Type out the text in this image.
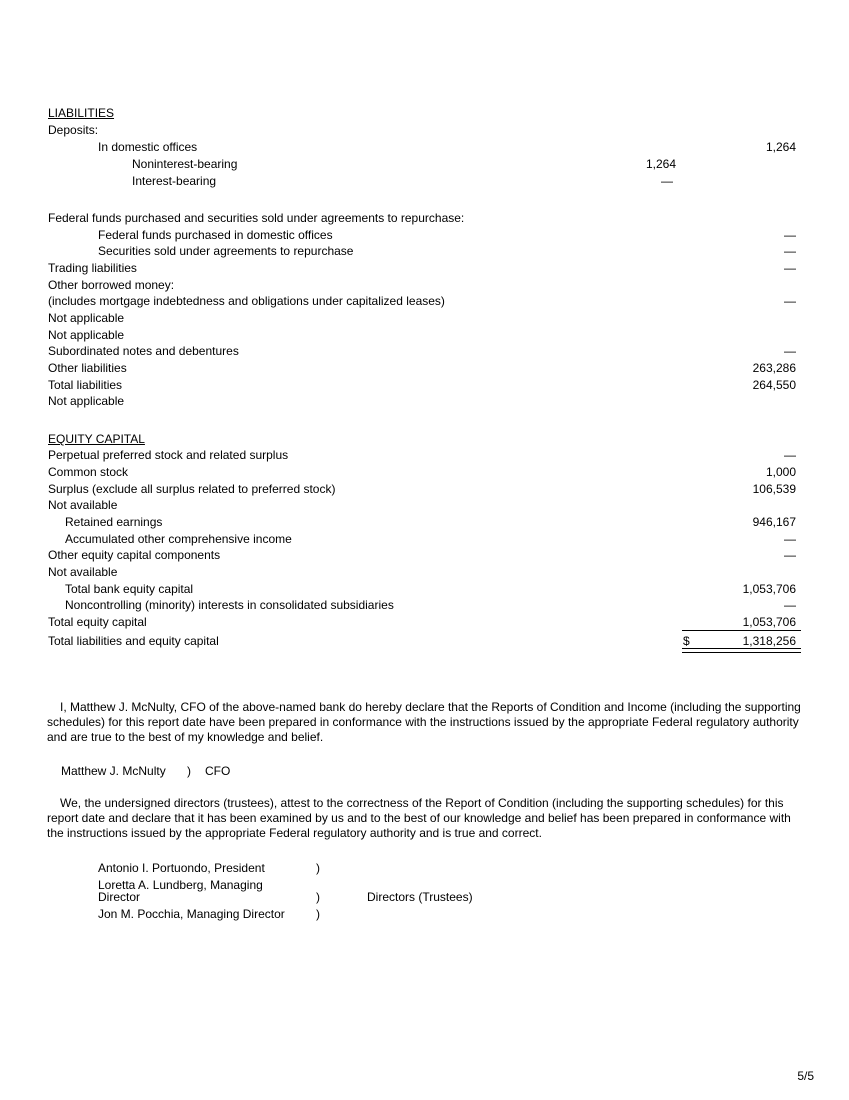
LIABILITIES
Deposits:
In domestic offices	1,264
Noninterest-bearing	1,264
Interest-bearing	—
Federal funds purchased and securities sold under agreements to repurchase:
Federal funds purchased in domestic offices	—
Securities sold under agreements to repurchase	—
Trading liabilities	—
Other borrowed money:
(includes mortgage indebtedness and obligations under capitalized leases)	—
Not applicable
Not applicable
Subordinated notes and debentures	—
Other liabilities	263,286
Total liabilities	264,550
Not applicable
EQUITY CAPITAL
Perpetual preferred stock and related surplus	—
Common stock	1,000
Surplus (exclude all surplus related to preferred stock)	106,539
Not available
Retained earnings	946,167
Accumulated other comprehensive income	—
Other equity capital components	—
Not available
Total bank equity capital	1,053,706
Noncontrolling (minority) interests in consolidated subsidiaries	—
Total equity capital	1,053,706
Total liabilities and equity capital	$	1,318,256
I, Matthew J. McNulty, CFO of the above-named bank do hereby declare that the Reports of Condition and Income (including the supporting schedules) for this report date have been prepared in conformance with the instructions issued by the appropriate Federal regulatory authority and are true to the best of my knowledge and belief.
Matthew J. McNulty ) CFO
We, the undersigned directors (trustees), attest to the correctness of the Report of Condition (including the supporting schedules) for this report date and declare that it has been examined by us and to the best of our knowledge and belief has been prepared in conformance with the instructions issued by the appropriate Federal regulatory authority and is true and correct.
Antonio I. Portuondo, President	)
Loretta A. Lundberg, Managing
Director	)	Directors (Trustees)
Jon M. Pocchia, Managing Director	)
5/5
